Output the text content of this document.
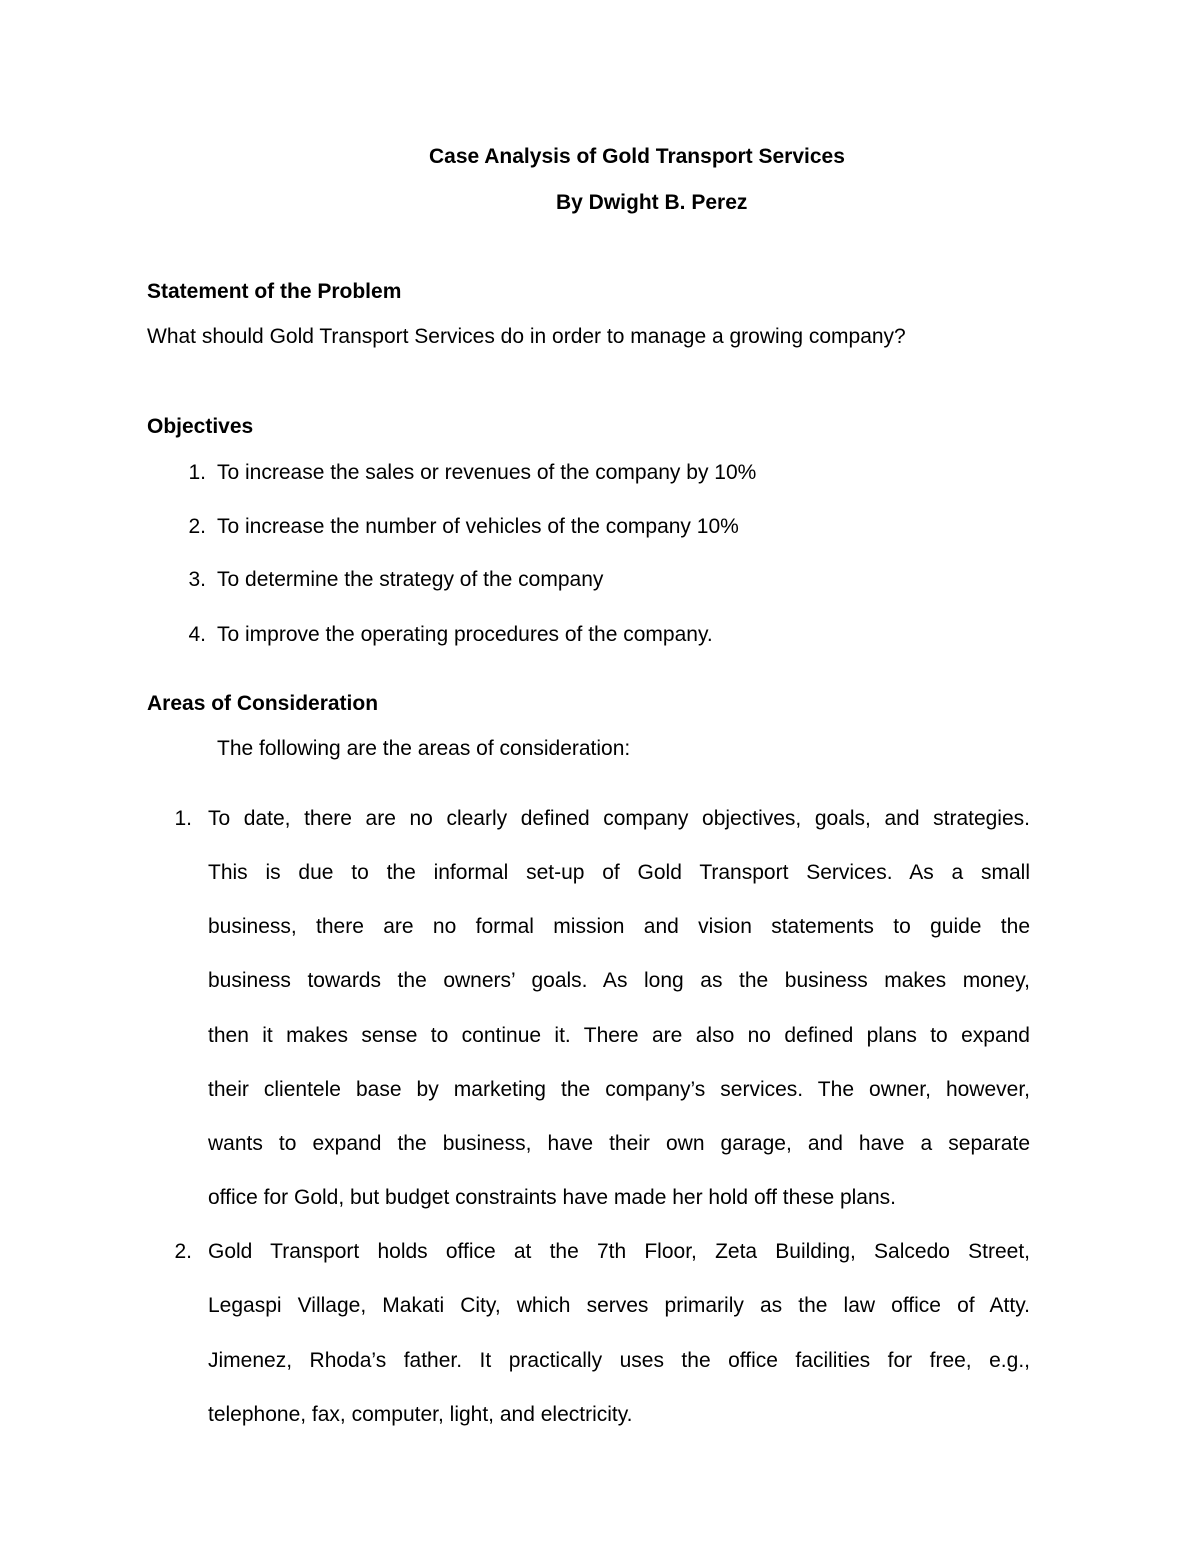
Case Analysis of Gold Transport Services
By Dwight B. Perez
Statement of the Problem
What should Gold Transport Services do in order to manage a growing company?
Objectives
1. To increase the sales or revenues of the company by 10%
2. To increase the number of vehicles of the company 10%
3. To determine the strategy of the company
4. To improve the operating procedures of the company.
Areas of Consideration
The following are the areas of consideration:
1. To date, there are no clearly defined company objectives, goals, and strategies.
This is due to the informal set-up of Gold Transport Services. As a small
business, there are no formal mission and vision statements to guide the
business towards the owners’ goals. As long as the business makes money,
then it makes sense to continue it. There are also no defined plans to expand
their clientele base by marketing the company’s services. The owner, however,
wants to expand the business, have their own garage, and have a separate
office for Gold, but budget constraints have made her hold off these plans.
2. Gold Transport holds office at the 7th Floor, Zeta Building, Salcedo Street,
Legaspi Village, Makati City, which serves primarily as the law office of Atty.
Jimenez, Rhoda’s father. It practically uses the office facilities for free, e.g.,
telephone, fax, computer, light, and electricity.
